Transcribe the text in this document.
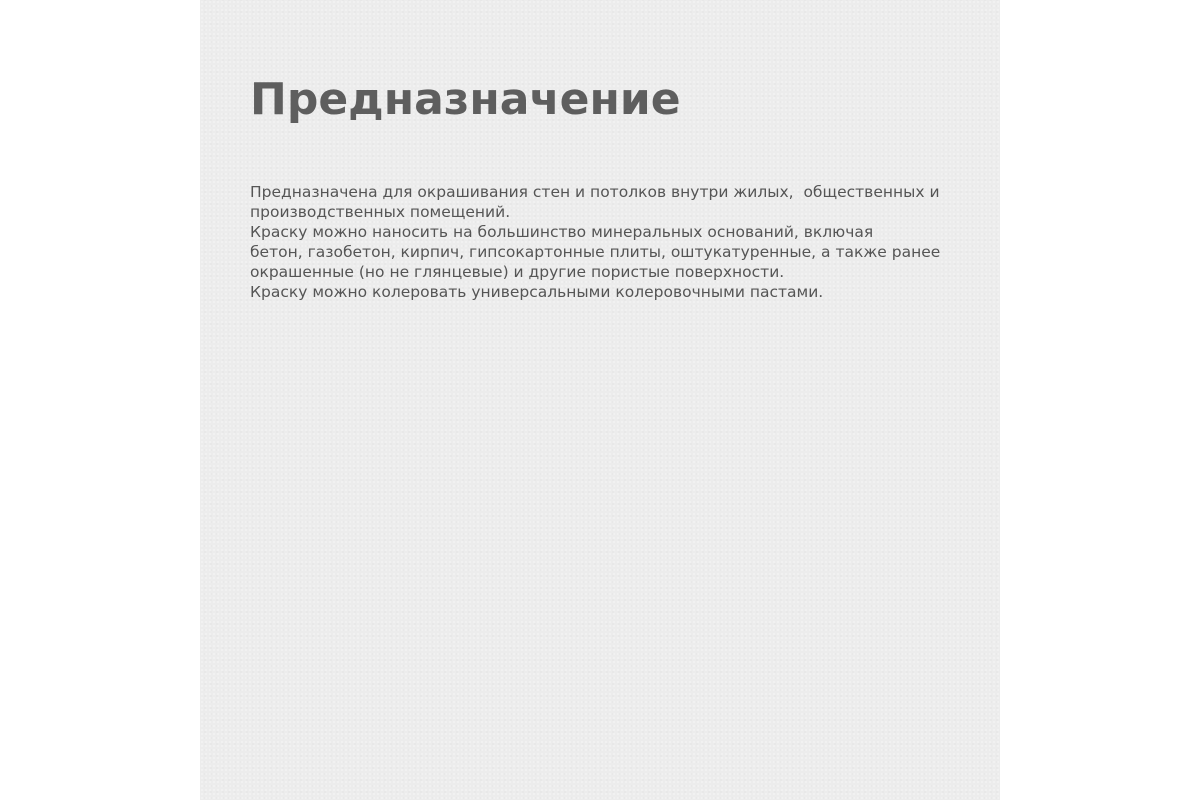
Предназначение
Предназначена для окрашивания стен и потолков внутри жилых,  общественных и
производственных помещений.
Краску можно наносить на большинство минеральных оснований, включая
бетон, газобетон, кирпич, гипсокартонные плиты, оштукатуренные, а также ранее
окрашенные (но не глянцевые) и другие пористые поверхности.
Краску можно колеровать универсальными колеровочными пастами.
